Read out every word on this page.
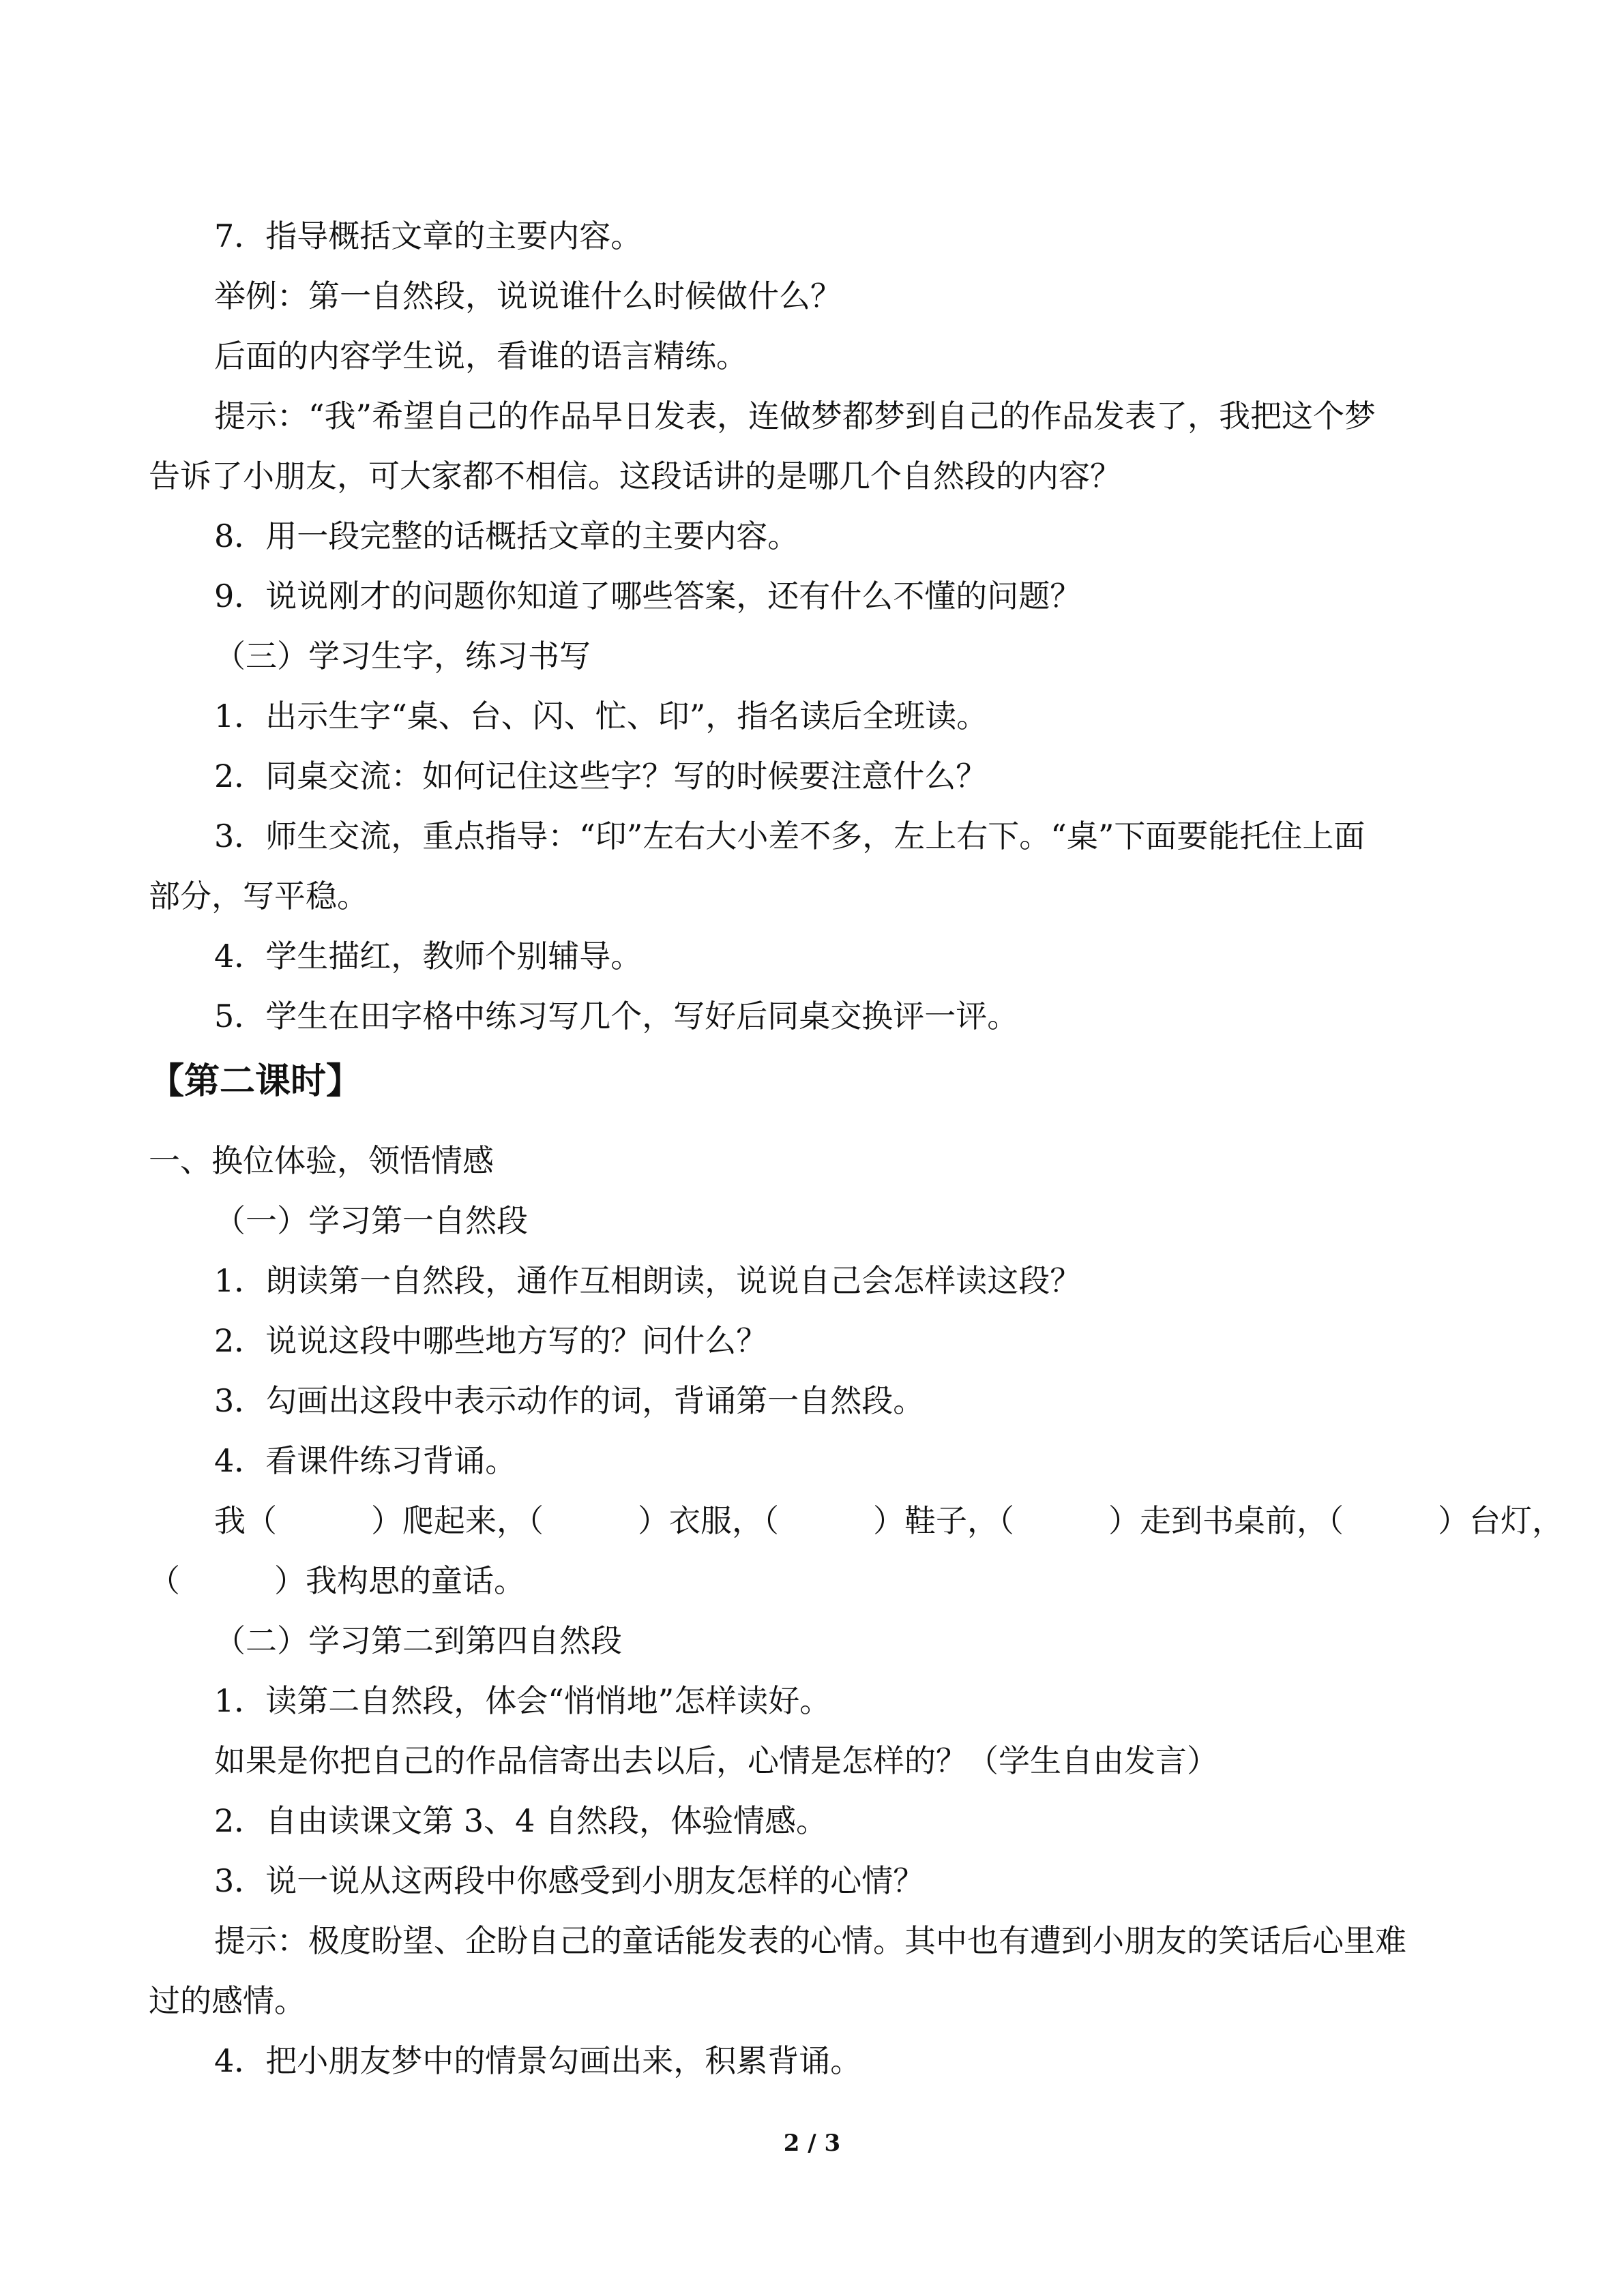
7．指导概括文章的主要内容。
举例：第一自然段，说说谁什么时候做什么？
后面的内容学生说，看谁的语言精练。
提示：“我”希望自己的作品早日发表，连做梦都梦到自己的作品发表了，我把这个梦
告诉了小朋友，可大家都不相信。这段话讲的是哪几个自然段的内容？
8．用一段完整的话概括文章的主要内容。
9．说说刚才的问题你知道了哪些答案，还有什么不懂的问题？
（三）学习生字，练习书写
1．出示生字“桌、台、闪、忙、印”，指名读后全班读。
2．同桌交流：如何记住这些字？写的时候要注意什么？
3．师生交流，重点指导：“印”左右大小差不多，左上右下。“桌”下面要能托住上面
部分，写平稳。
4．学生描红，教师个别辅导。
5．学生在田字格中练习写几个，写好后同桌交换评一评。
【第二课时】
一、换位体验，领悟情感
（一）学习第一自然段
1．朗读第一自然段，通作互相朗读，说说自己会怎样读这段？
2．说说这段中哪些地方写的？问什么？
3．勾画出这段中表示动作的词，背诵第一自然段。
4．看课件练习背诵。
我（　　　）爬起来，（　　　）衣服，（　　　）鞋子，（　　　）走到书桌前，（　　　）台灯，
（　　　）我构思的童话。
（二）学习第二到第四自然段
1．读第二自然段，体会“悄悄地”怎样读好。
如果是你把自己的作品信寄出去以后，心情是怎样的？（学生自由发言）
2．自由读课文第 3、4 自然段，体验情感。
3．说一说从这两段中你感受到小朋友怎样的心情？
提示：极度盼望、企盼自己的童话能发表的心情。其中也有遭到小朋友的笑话后心里难
过的感情。
4．把小朋友梦中的情景勾画出来，积累背诵。
2 / 3
